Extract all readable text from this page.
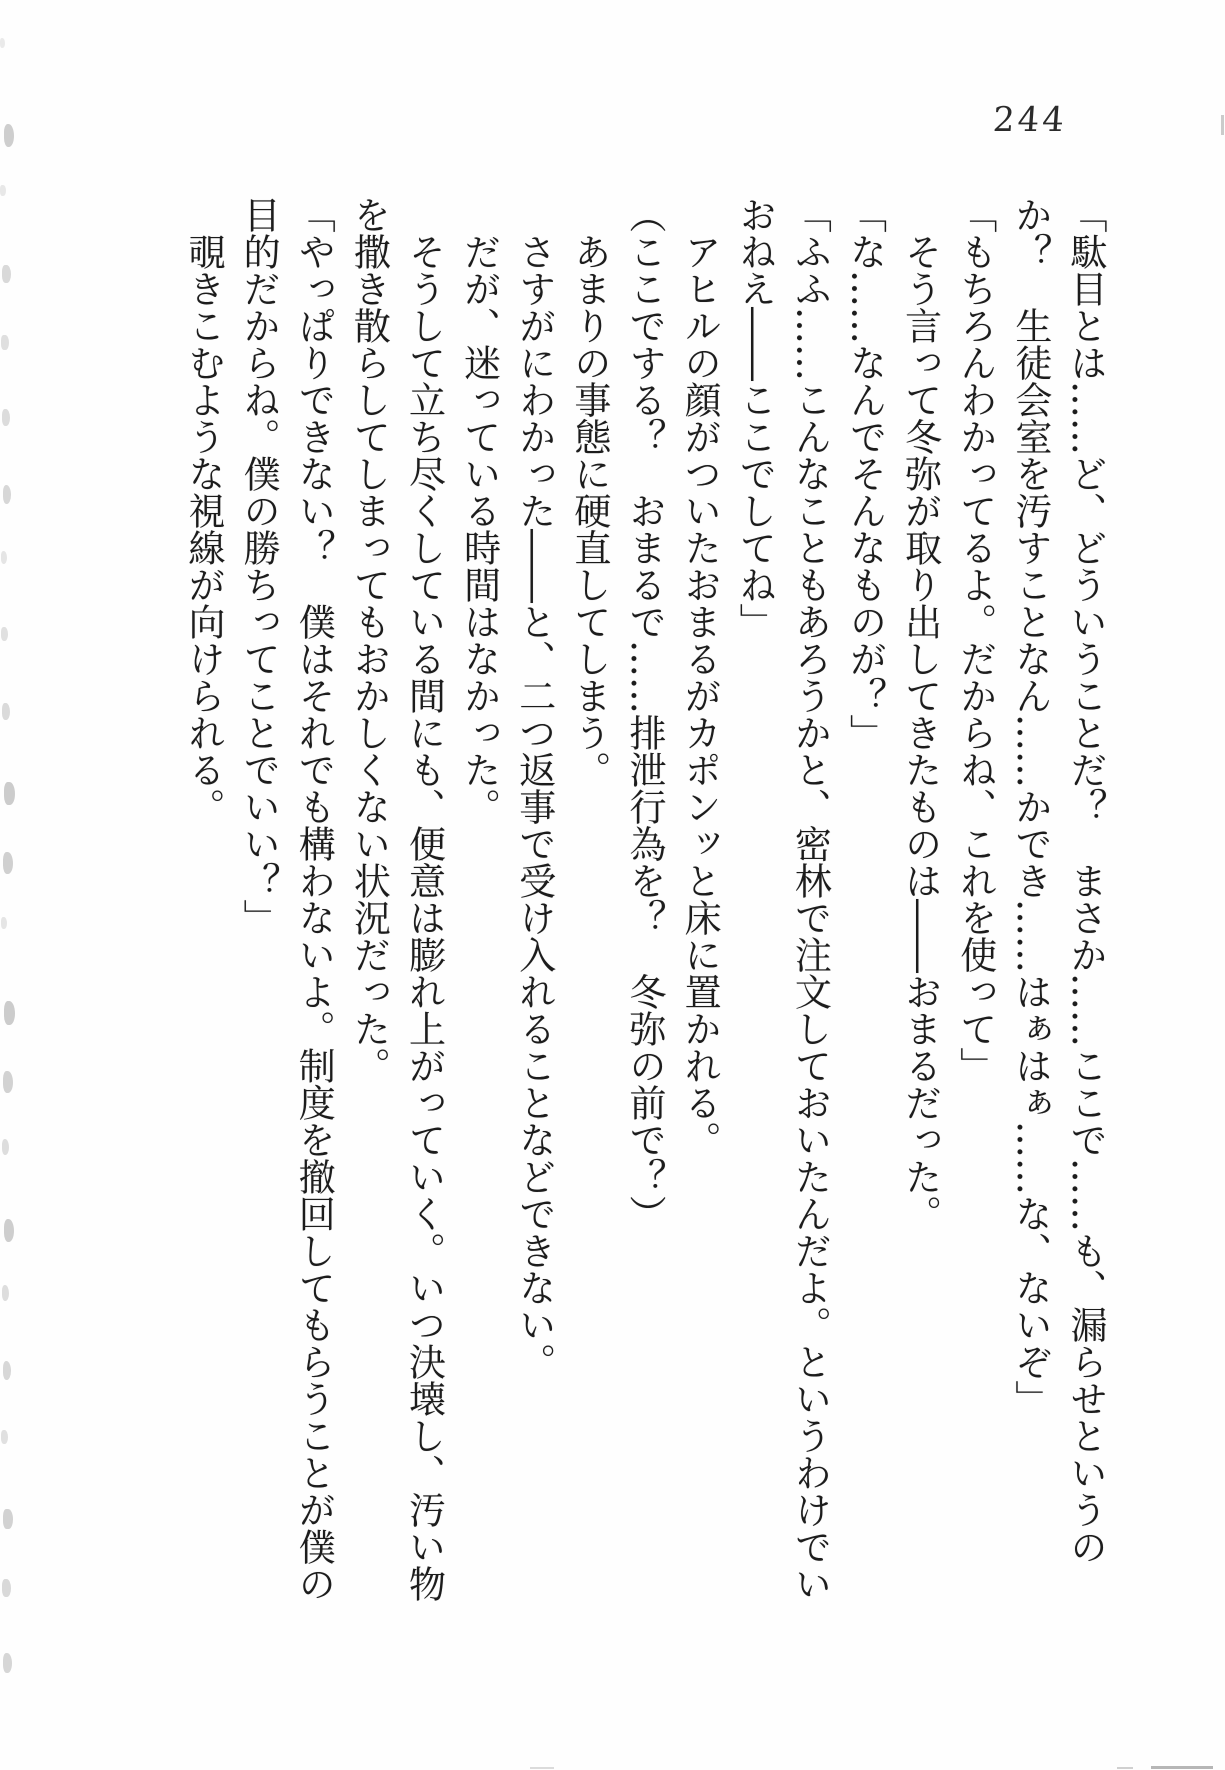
244
「駄目とは……ど、どういうことだ？　まさか……ここで……も、漏らせというの
か？　生徒会室を汚すことなん……かでき……はぁはぁ……な、ないぞ」
「もちろんわかってるよ。だからね、これを使って」
　そう言って冬弥が取り出してきたものは――おまるだった。
「な……なんでそんなものが？」
「ふふ……こんなこともあろうかと、密林で注文しておいたんだよ。というわけでい
おねえ――ここでしてね」
　アヒルの顔がついたおまるがカポンッと床に置かれる。
（ここでする？　おまるで……排泄行為を？　冬弥の前で？）
　あまりの事態に硬直してしまう。
　さすがにわかった――と、二つ返事で受け入れることなどできない。
　だが、迷っている時間はなかった。
　そうして立ち尽くしている間にも、便意は膨れ上がっていく。いつ決壊し、汚い物
を撒き散らしてしまってもおかしくない状況だった。
「やっぱりできない？　僕はそれでも構わないよ。制度を撤回してもらうことが僕の
目的だからね。僕の勝ちってことでいい？」
　覗きこむような視線が向けられる。
